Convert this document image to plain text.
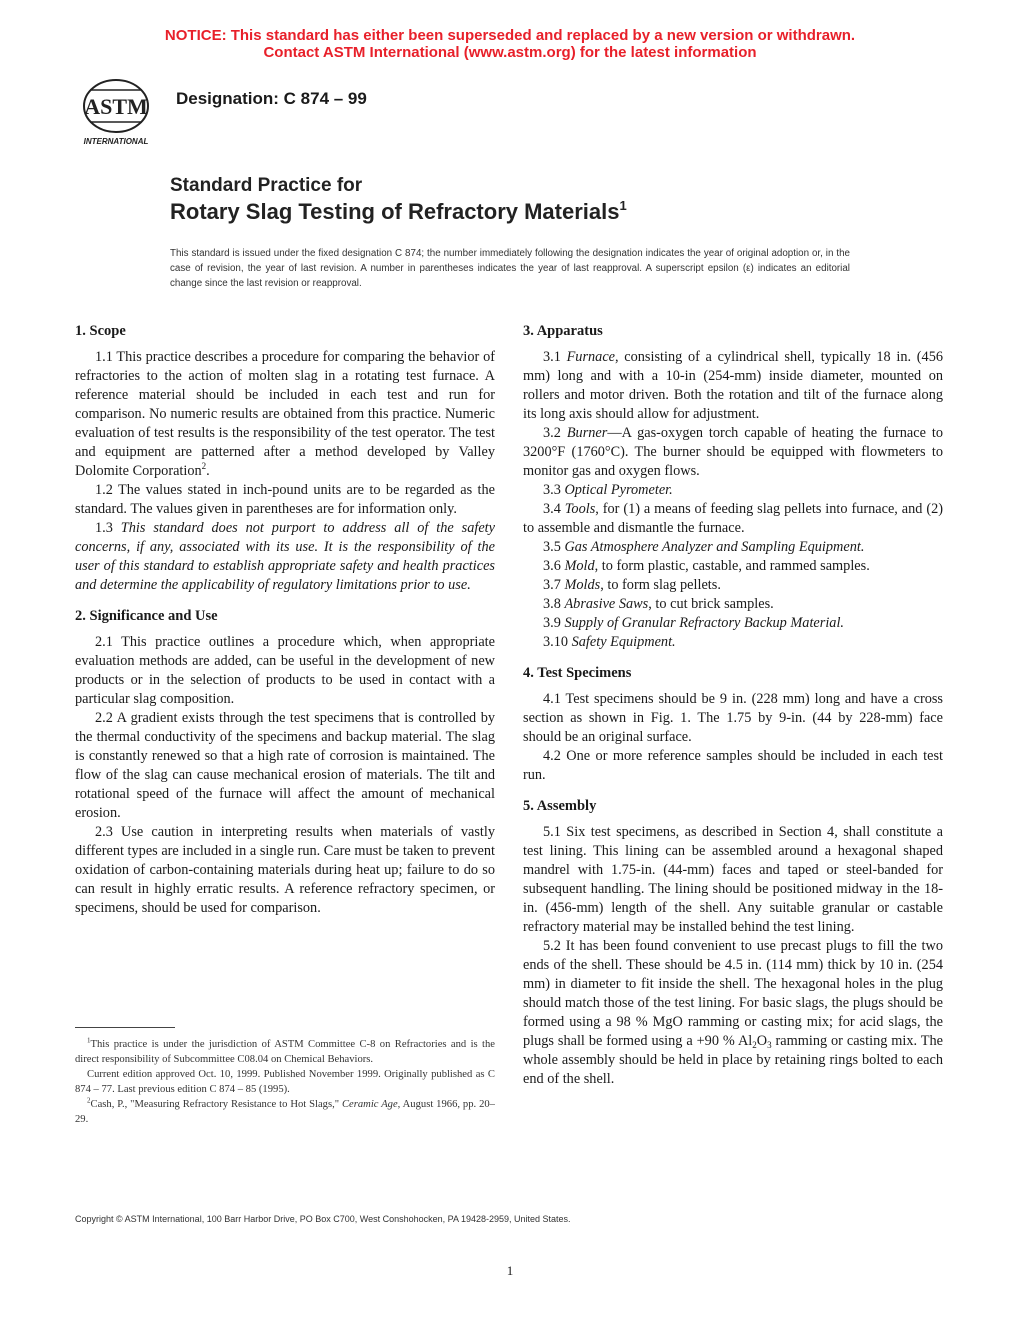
NOTICE: This standard has either been superseded and replaced by a new version or withdrawn.
Contact ASTM International (www.astm.org) for the latest information
ASTM
INTERNATIONAL
Designation: C 874 – 99
Standard Practice for
Rotary Slag Testing of Refractory Materials$^1$
This standard is issued under the fixed designation C 874; the number immediately following the designation indicates the year of original adoption or, in the case of revision, the year of last revision. A number in parentheses indicates the year of last reapproval. A superscript epsilon (ε) indicates an editorial change since the last revision or reapproval.
1. Scope

1.1 This practice describes a procedure for comparing the behavior of refractories to the action of molten slag in a rotating test furnace. A reference material should be included in each test and run for comparison. No numeric results are obtained from this practice. Numeric evaluation of test results is the responsibility of the test operator. The test and equipment are patterned after a method developed by Valley Dolomite Corporation$^2$.

1.2 The values stated in inch-pound units are to be regarded as the standard. The values given in parentheses are for information only.

1.3 This standard does not purport to address all of the safety concerns, if any, associated with its use. It is the responsibility of the user of this standard to establish appropriate safety and health practices and determine the applicability of regulatory limitations prior to use.

2. Significance and Use

2.1 This practice outlines a procedure which, when appropriate evaluation methods are added, can be useful in the development of new products or in the selection of products to be used in contact with a particular slag composition.

2.2 A gradient exists through the test specimens that is controlled by the thermal conductivity of the specimens and backup material. The slag is constantly renewed so that a high rate of corrosion is maintained. The flow of the slag can cause mechanical erosion of materials. The tilt and rotational speed of the furnace will affect the amount of mechanical erosion.

2.3 Use caution in interpreting results when materials of vastly different types are included in a single run. Care must be taken to prevent oxidation of carbon-containing materials during heat up; failure to do so can result in highly erratic results. A reference refractory specimen, or specimens, should be used for comparison.

3. Apparatus

3.1 Furnace, consisting of a cylindrical shell, typically 18 in. (456 mm) long and with a 10-in (254-mm) inside diameter, mounted on rollers and motor driven. Both the rotation and tilt of the furnace along its long axis should allow for adjustment.

3.2 Burner—A gas-oxygen torch capable of heating the furnace to 3200°F (1760°C). The burner should be equipped with flowmeters to monitor gas and oxygen flows.

3.3 Optical Pyrometer.

3.4 Tools, for (1) a means of feeding slag pellets into furnace, and (2) to assemble and dismantle the furnace.

3.5 Gas Atmosphere Analyzer and Sampling Equipment.

3.6 Mold, to form plastic, castable, and rammed samples.

3.7 Molds, to form slag pellets.

3.8 Abrasive Saws, to cut brick samples.

3.9 Supply of Granular Refractory Backup Material.

3.10 Safety Equipment.

4. Test Specimens

4.1 Test specimens should be 9 in. (228 mm) long and have a cross section as shown in Fig. 1. The 1.75 by 9-in. (44 by 228-mm) face should be an original surface.

4.2 One or more reference samples should be included in each test run.

5. Assembly

5.1 Six test specimens, as described in Section 4, shall constitute a test lining. This lining can be assembled around a hexagonal shaped mandrel with 1.75-in. (44-mm) faces and taped or steel-banded for subsequent handling. The lining should be positioned midway in the 18-in. (456-mm) length of the shell. Any suitable granular or castable refractory material may be installed behind the test lining.

5.2 It has been found convenient to use precast plugs to fill the two ends of the shell. These should be 4.5 in. (114 mm) thick by 10 in. (254 mm) in diameter to fit inside the shell. The hexagonal holes in the plug should match those of the test lining. For basic slags, the plugs should be formed using a 98 % MgO ramming or casting mix; for acid slags, the plugs shall be formed using a +90 % $Al_2O_3$ ramming or casting mix. The whole assembly should be held in place by retaining rings bolted to each end of the shell.

$^1$This practice is under the jurisdiction of ASTM Committee C-8 on Refractories and is the direct responsibility of Subcommittee C08.04 on Chemical Behaviors.

Current edition approved Oct. 10, 1999. Published November 1999. Originally published as C 874 – 77. Last previous edition C 874 – 85 (1995).

$^2$Cash, P., "Measuring Refractory Resistance to Hot Slags," Ceramic Age, August 1966, pp. 20–29.

Copyright © ASTM International, 100 Barr Harbor Drive, PO Box C700, West Conshohocken, PA 19428-2959, United States.
1
